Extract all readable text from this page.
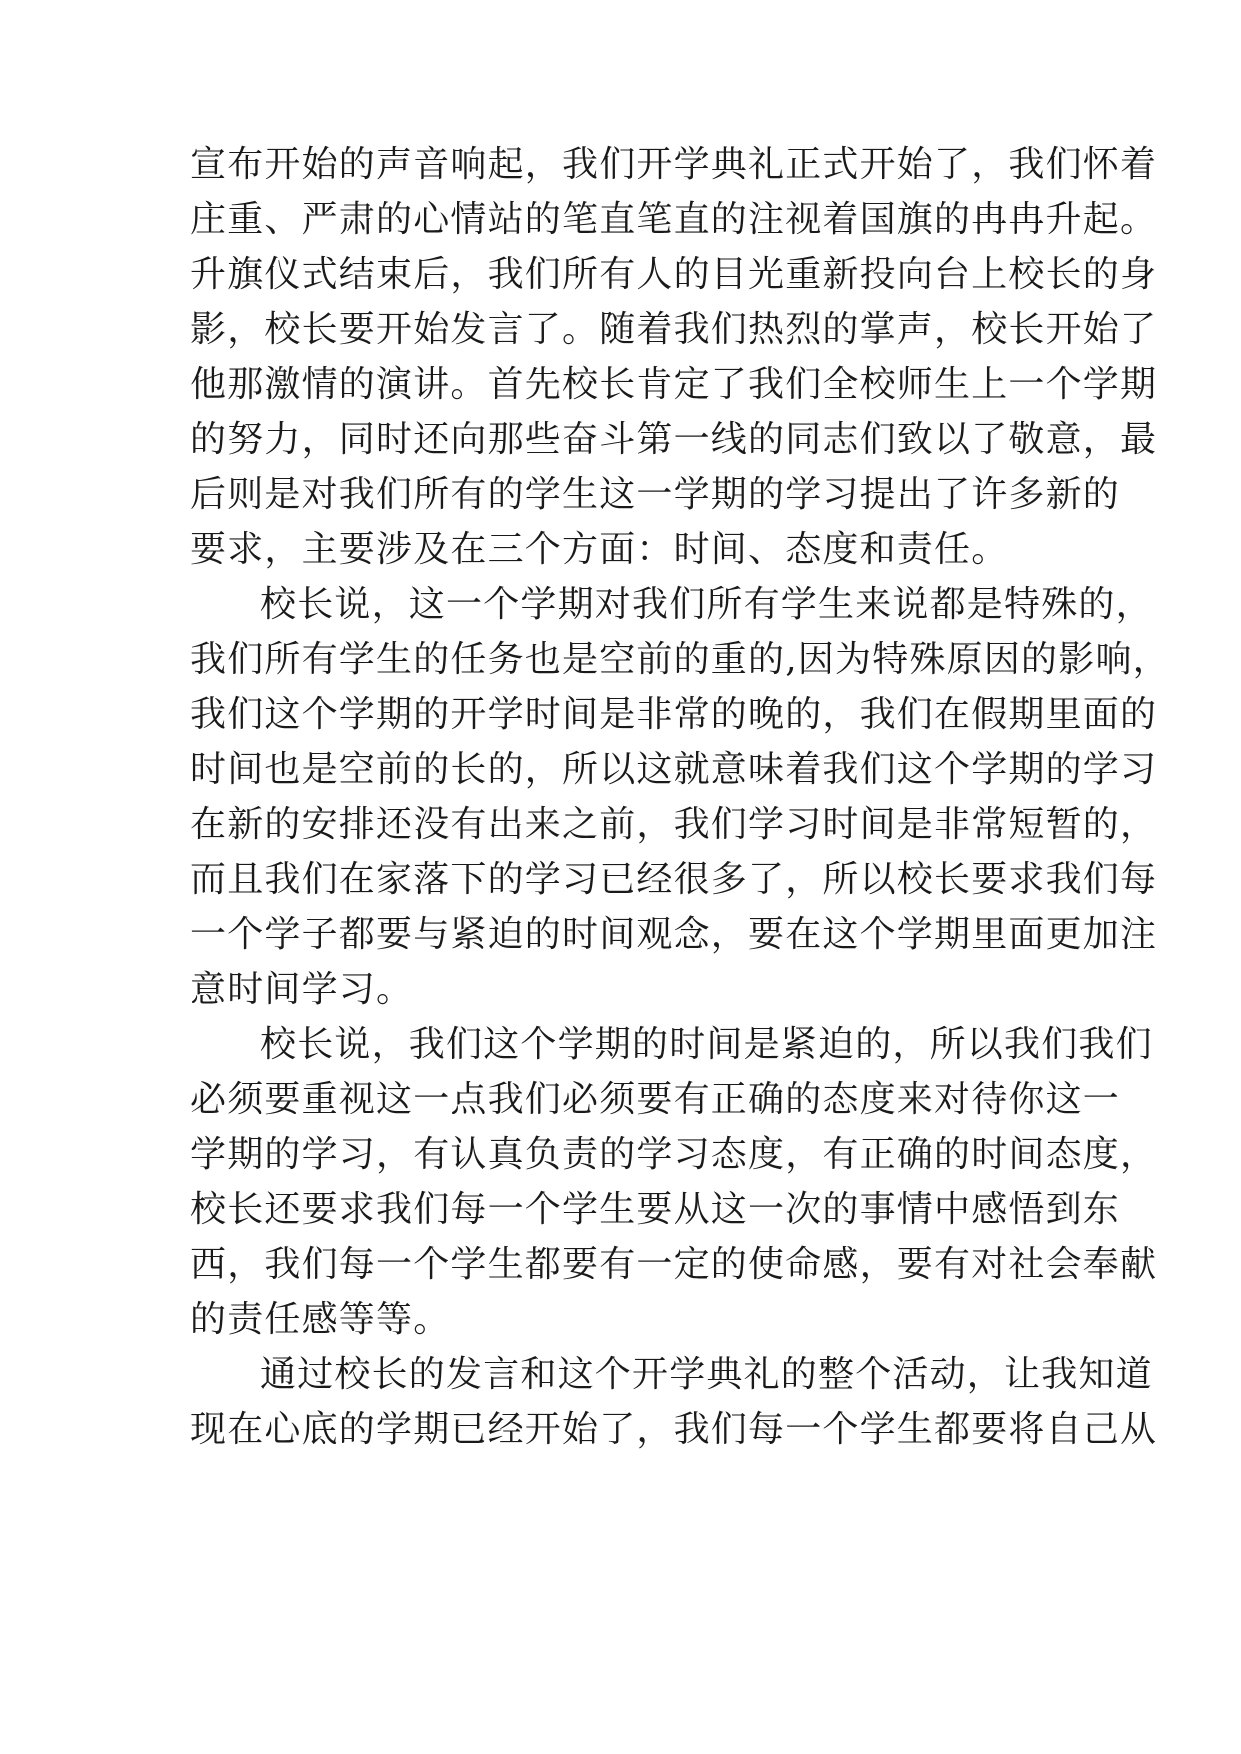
宣布开始的声音响起，我们开学典礼正式开始了，我们怀着
庄重、严肃的心情站的笔直笔直的注视着国旗的冉冉升起。
升旗仪式结束后，我们所有人的目光重新投向台上校长的身
影，校长要开始发言了。随着我们热烈的掌声，校长开始了
他那激情的演讲。首先校长肯定了我们全校师生上一个学期
的努力，同时还向那些奋斗第一线的同志们致以了敬意，最
后则是对我们所有的学生这一学期的学习提出了许多新的
要求，主要涉及在三个方面：时间、态度和责任。
校长说，这一个学期对我们所有学生来说都是特殊的，
我们所有学生的任务也是空前的重的,因为特殊原因的影响，
我们这个学期的开学时间是非常的晚的，我们在假期里面的
时间也是空前的长的，所以这就意味着我们这个学期的学习
在新的安排还没有出来之前，我们学习时间是非常短暂的，
而且我们在家落下的学习已经很多了，所以校长要求我们每
一个学子都要与紧迫的时间观念，要在这个学期里面更加注
意时间学习。
校长说，我们这个学期的时间是紧迫的，所以我们我们
必须要重视这一点我们必须要有正确的态度来对待你这一
学期的学习，有认真负责的学习态度，有正确的时间态度，
校长还要求我们每一个学生要从这一次的事情中感悟到东
西，我们每一个学生都要有一定的使命感，要有对社会奉献
的责任感等等。
通过校长的发言和这个开学典礼的整个活动，让我知道
现在心底的学期已经开始了，我们每一个学生都要将自己从
